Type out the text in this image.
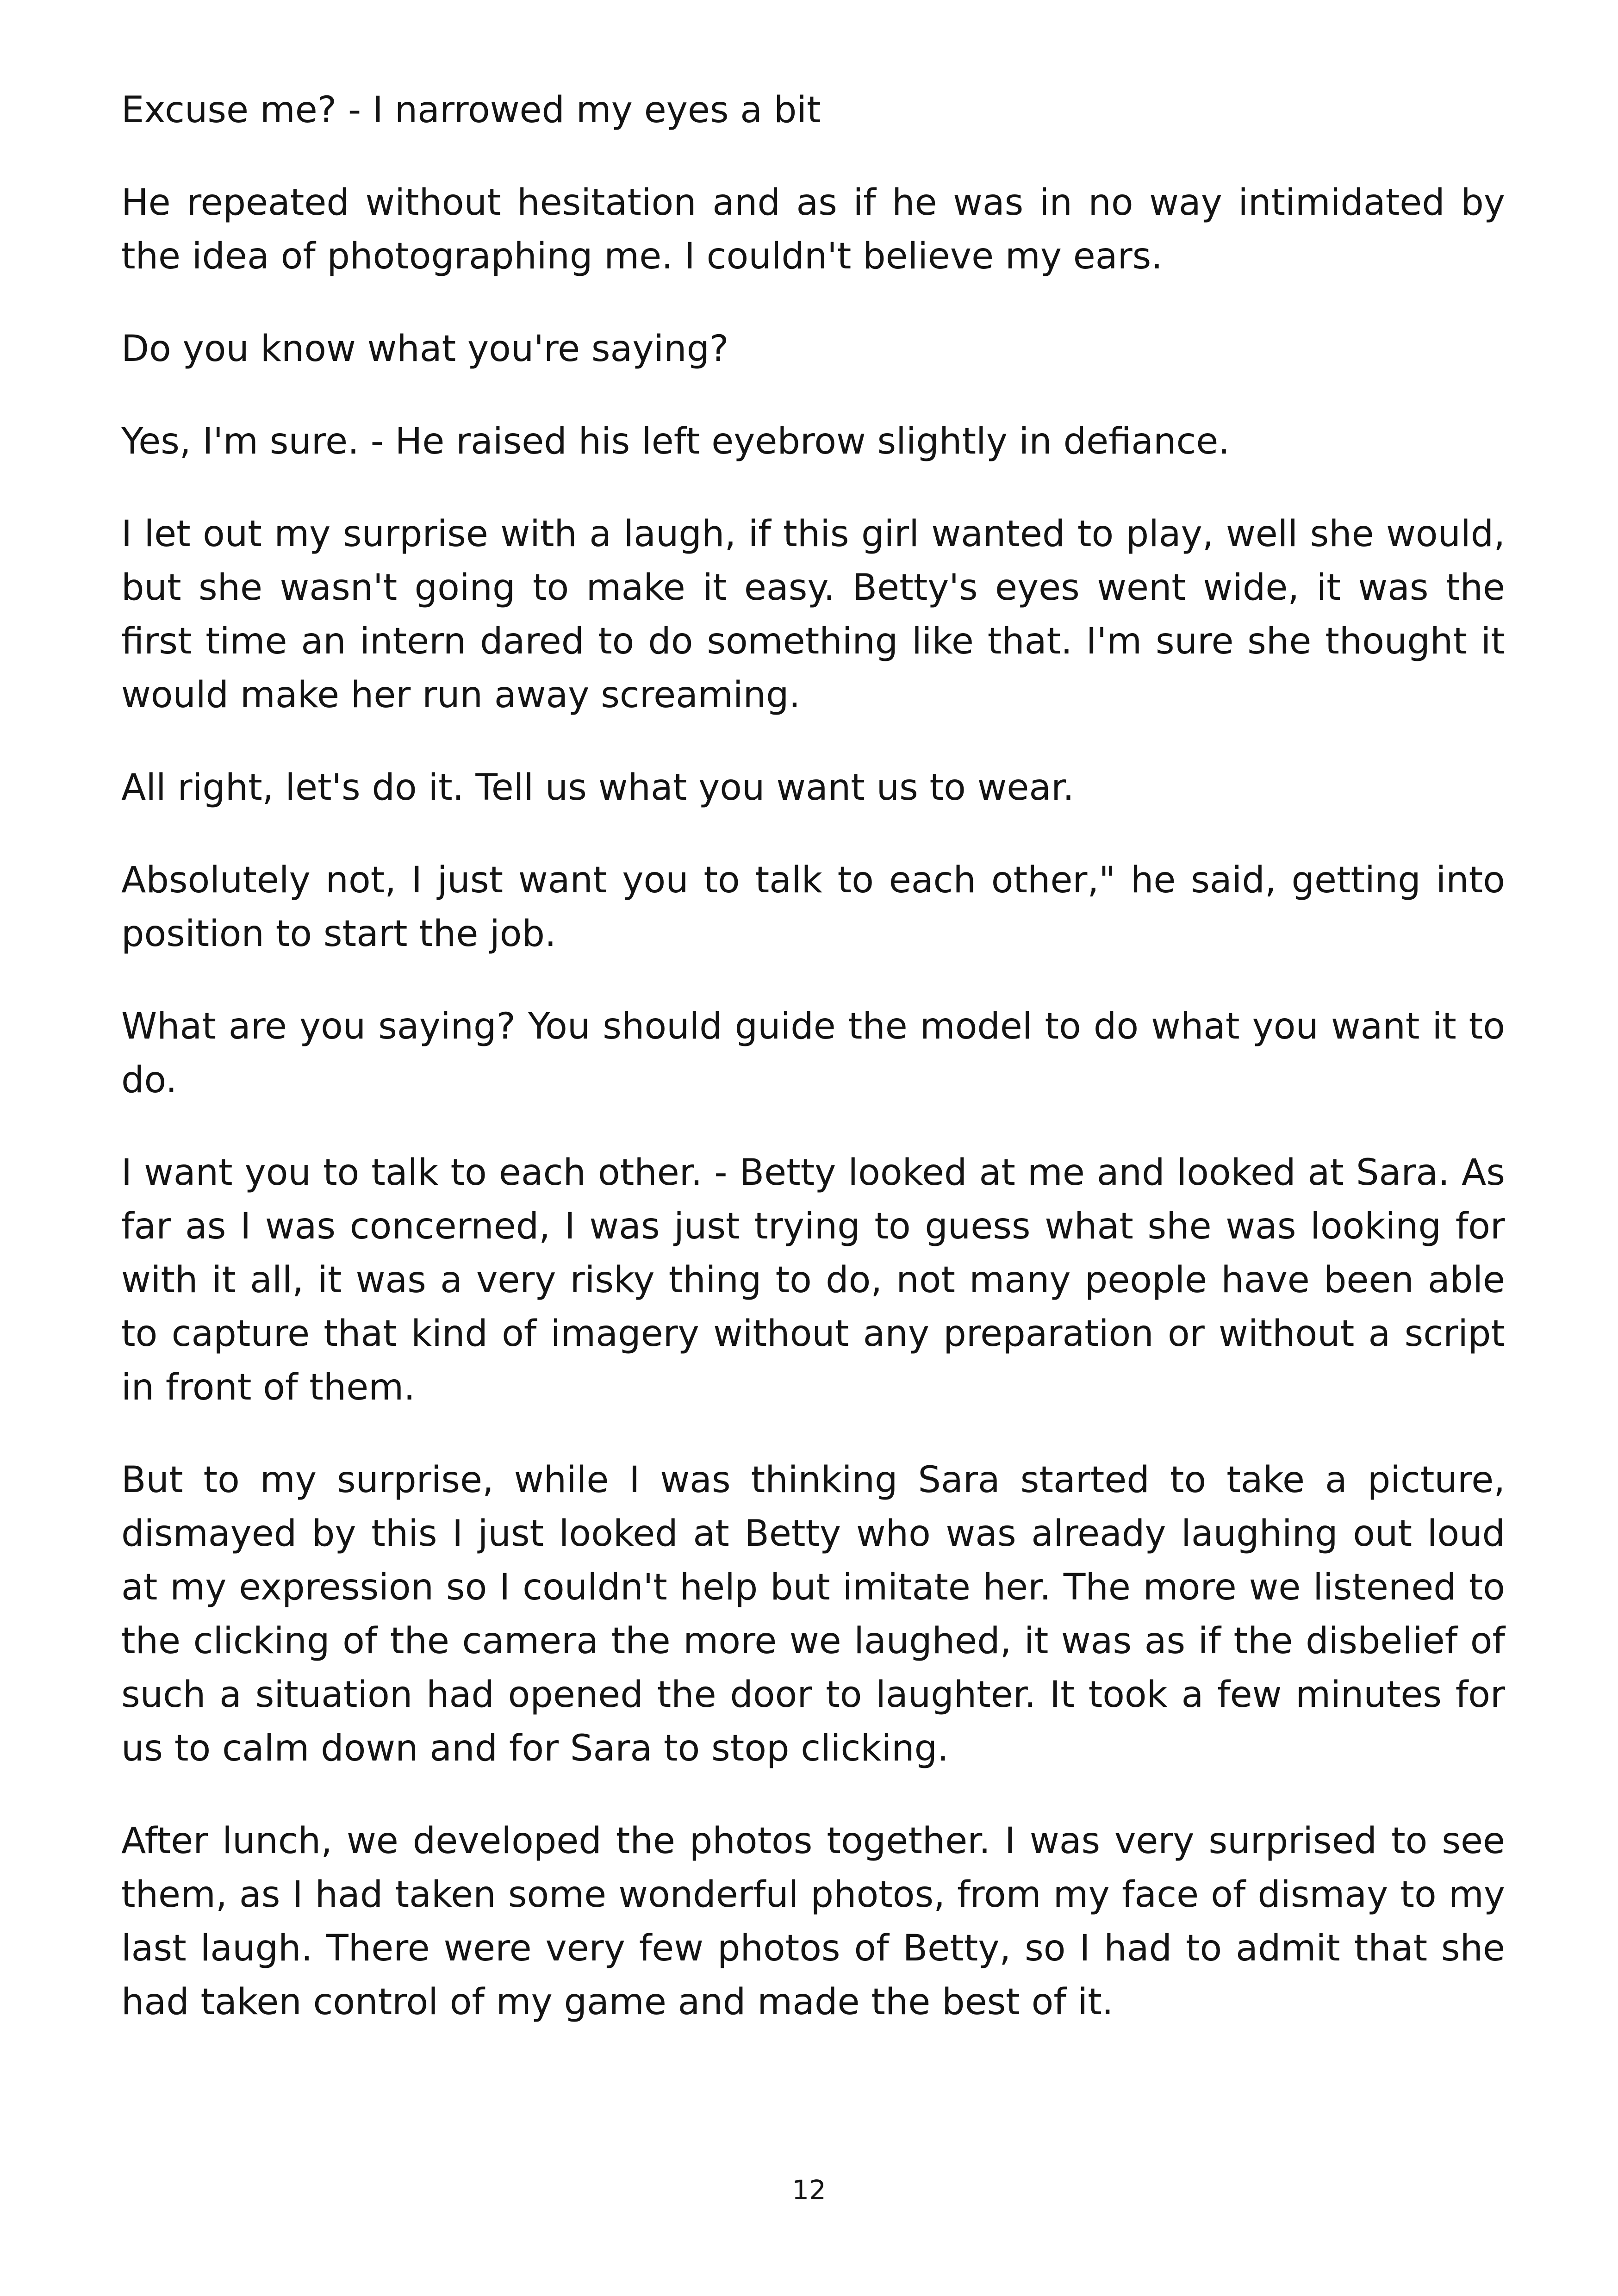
Excuse me? - I narrowed my eyes a bit

He repeated without hesitation and as if he was in no way intimidated by the idea of photographing me. I couldn't believe my ears.

Do you know what you're saying?

Yes, I'm sure. - He raised his left eyebrow slightly in defiance.

I let out my surprise with a laugh, if this girl wanted to play, well she would, but she wasn't going to make it easy. Betty's eyes went wide, it was the first time an intern dared to do something like that. I'm sure she thought it would make her run away screaming.

All right, let's do it. Tell us what you want us to wear.

Absolutely not, I just want you to talk to each other," he said, getting into position to start the job.

What are you saying? You should guide the model to do what you want it to do.

I want you to talk to each other. - Betty looked at me and looked at Sara. As far as I was concerned, I was just trying to guess what she was looking for with it all, it was a very risky thing to do, not many people have been able to capture that kind of imagery without any preparation or without a script in front of them.

But to my surprise, while I was thinking Sara started to take a picture, dismayed by this I just looked at Betty who was already laughing out loud at my expression so I couldn't help but imitate her. The more we listened to the clicking of the camera the more we laughed, it was as if the disbelief of such a situation had opened the door to laughter. It took a few minutes for us to calm down and for Sara to stop clicking.

After lunch, we developed the photos together. I was very surprised to see them, as I had taken some wonderful photos, from my face of dismay to my last laugh. There were very few photos of Betty, so I had to admit that she had taken control of my game and made the best of it.

12
